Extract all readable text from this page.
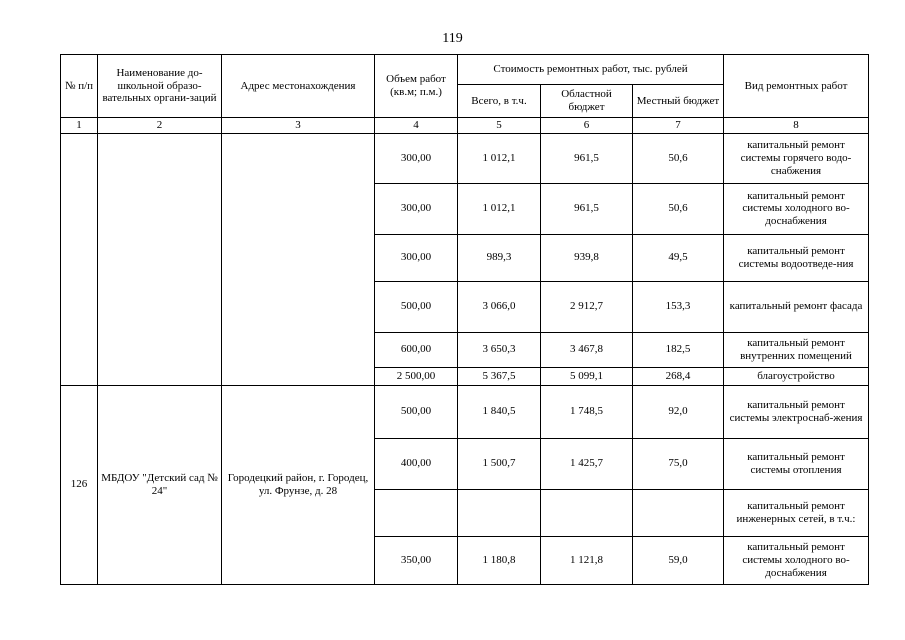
119
№ п/п	Наименование до-школьной образо-вательных органи-заций	Адрес местонахождения	Объем работ (кв.м; п.м.)	Стоимость ремонтных работ, тыс. рублей			Вид ремонтных работ
				Всего, в т.ч.	Областной бюджет	Местный бюджет	
1	2	3	4	5	6	7	8
			300,00	1 012,1	961,5	50,6	капитальный ремонт системы горячего водо-снабжения
			300,00	1 012,1	961,5	50,6	капитальный ремонт системы холодного во-доснабжения
			300,00	989,3	939,8	49,5	капитальный ремонт системы водоотведе-ния
			500,00	3 066,0	2 912,7	153,3	капитальный ремонт фасада
			600,00	3 650,3	3 467,8	182,5	капитальный ремонт внутренних помещений
			2 500,00	5 367,5	5 099,1	268,4	благоустройство
126	МБДОУ "Детский сад № 24"	Городецкий район, г. Городец, ул. Фрунзе, д. 28	500,00	1 840,5	1 748,5	92,0	капитальный ремонт системы электроснаб-жения
			400,00	1 500,7	1 425,7	75,0	капитальный ремонт системы отопления
							капитальный ремонт инженерных сетей, в т.ч.:
			350,00	1 180,8	1 121,8	59,0	капитальный ремонт системы холодного во-доснабжения
